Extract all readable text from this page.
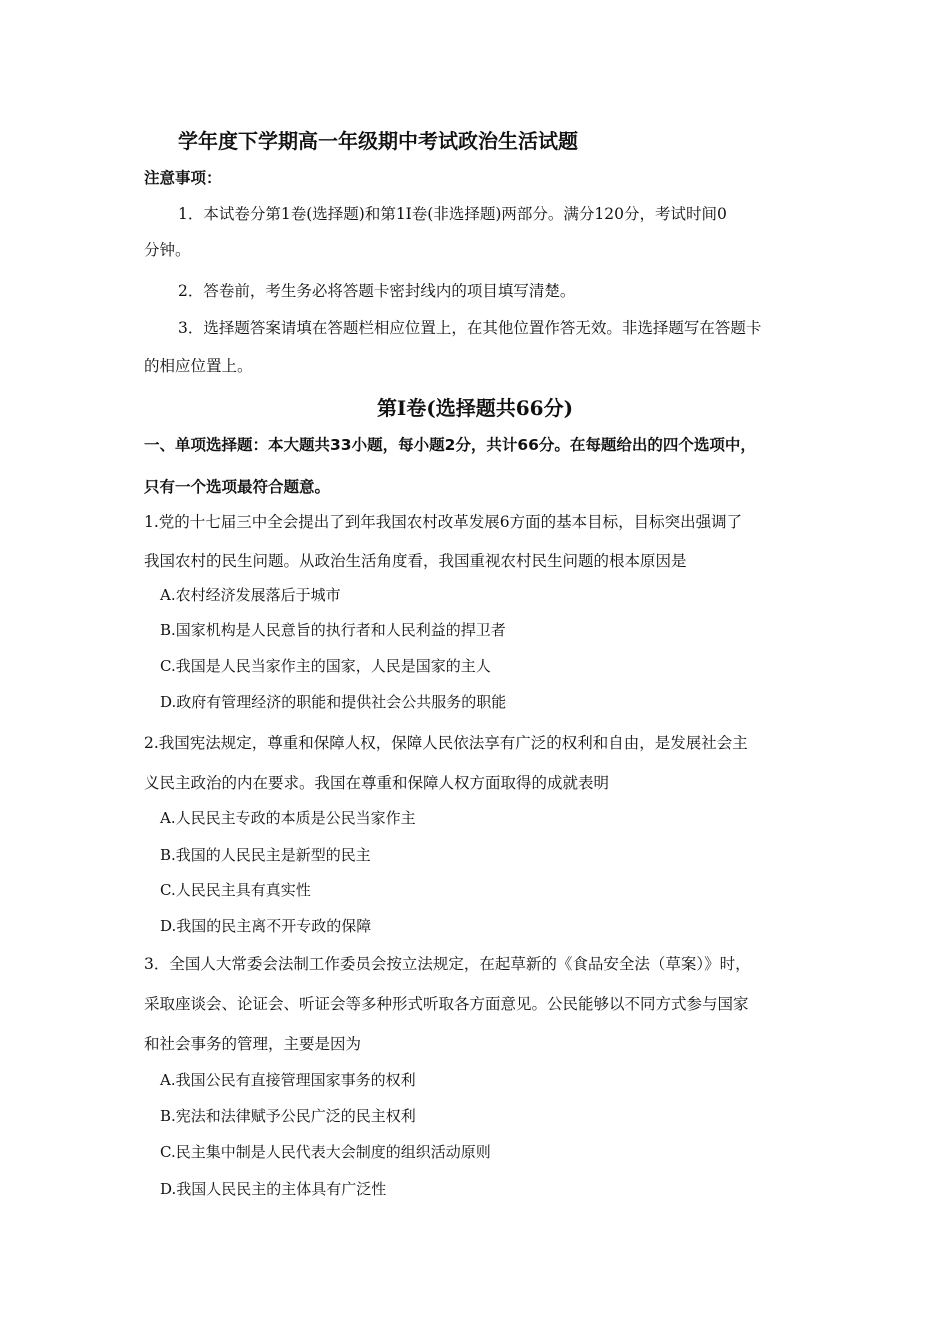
学年度下学期高一年级期中考试政治生活试题
注意事项：
1．本试卷分第1卷(选择题)和第1I卷(非选择题)两部分。满分120分，考试时间0
分钟。
2．答卷前，考生务必将答题卡密封线内的项目填写清楚。
3．选择题答案请填在答题栏相应位置上，在其他位置作答无效。非选择题写在答题卡
的相应位置上。
第Ⅰ卷(选择题共66分)
一、单项选择题：本大题共33小题，每小题2分，共计66分。在每题给出的四个选项中，
只有一个选项最符合题意。
1.党的十七届三中全会提出了到年我国农村改革发展6方面的基本目标，目标突出强调了
我国农村的民生问题。从政治生活角度看，我国重视农村民生问题的根本原因是
A.农村经济发展落后于城市
B.国家机构是人民意旨的执行者和人民利益的捍卫者
C.我国是人民当家作主的国家，人民是国家的主人
D.政府有管理经济的职能和提供社会公共服务的职能
2.我国宪法规定，尊重和保障人权，保障人民依法享有广泛的权利和自由，是发展社会主
义民主政治的内在要求。我国在尊重和保障人权方面取得的成就表明
A.人民民主专政的本质是公民当家作主
B.我国的人民民主是新型的民主
C.人民民主具有真实性
D.我国的民主离不开专政的保障
3．全国人大常委会法制工作委员会按立法规定，在起草新的《食品安全法（草案）》时，
采取座谈会、论证会、听证会等多种形式听取各方面意见。公民能够以不同方式参与国家
和社会事务的管理，主要是因为
A.我国公民有直接管理国家事务的权利
B.宪法和法律赋予公民广泛的民主权利
C.民主集中制是人民代表大会制度的组织活动原则
D.我国人民民主的主体具有广泛性
